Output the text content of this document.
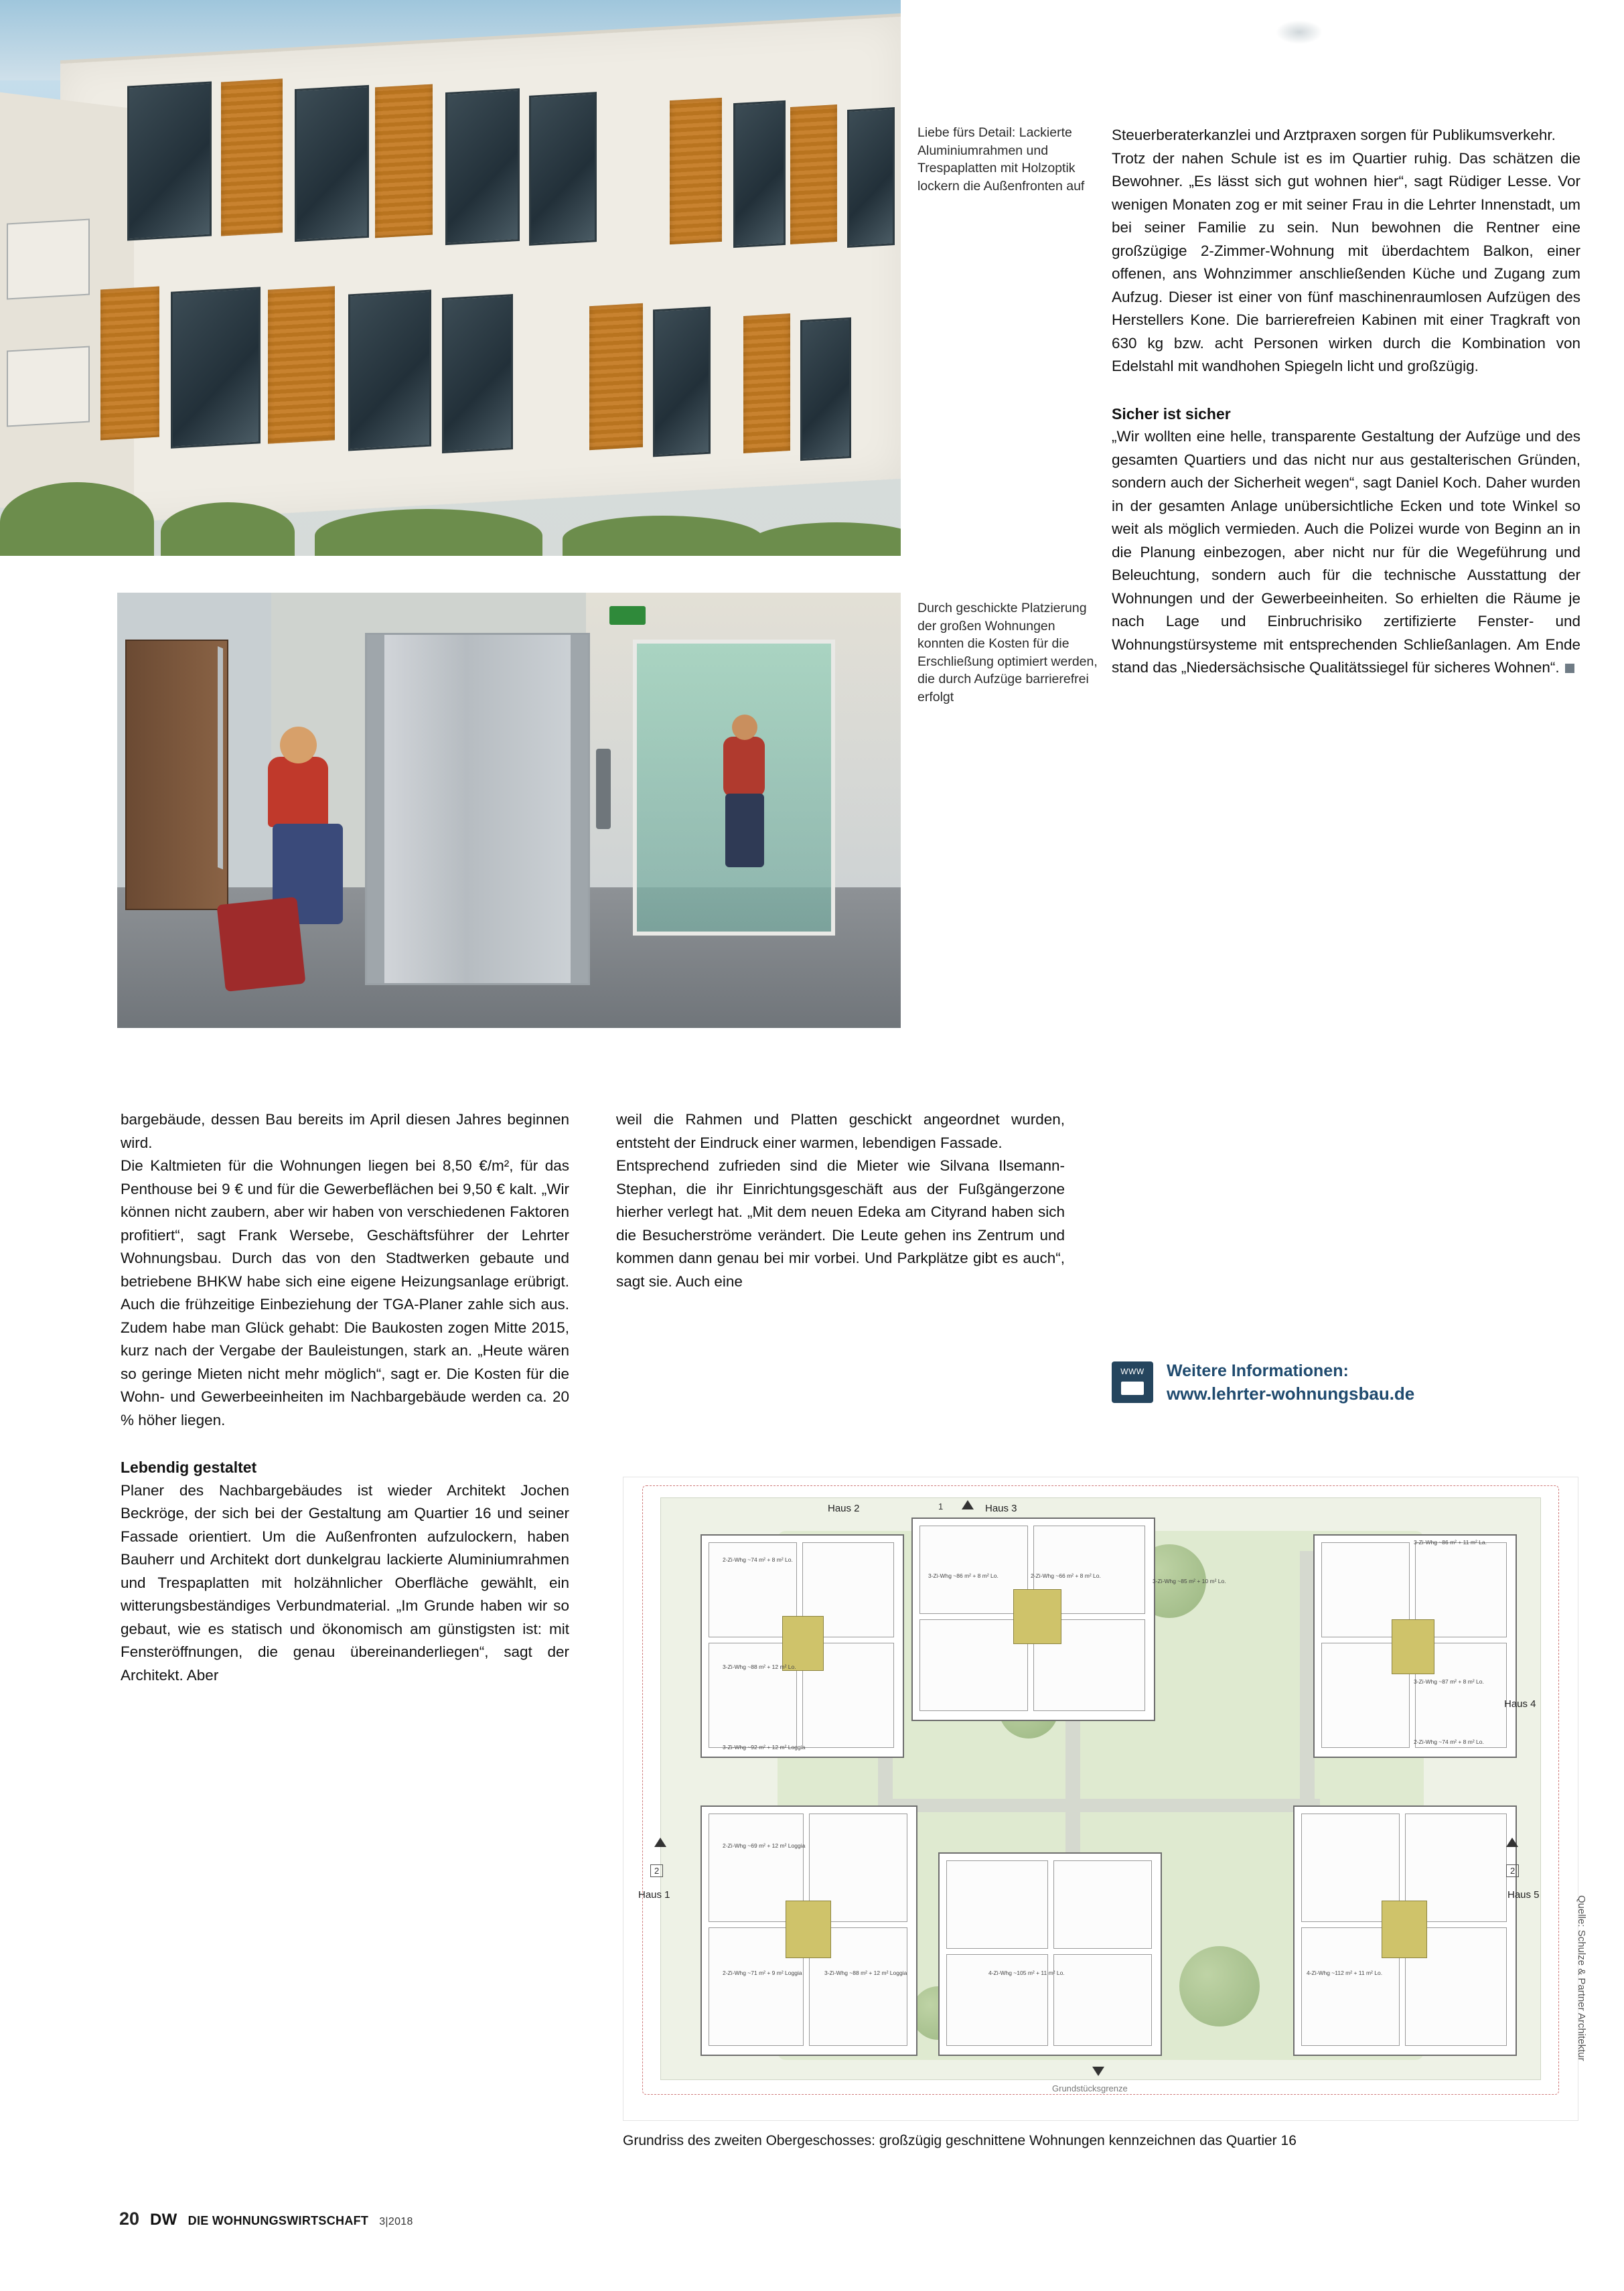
Liebe fürs Detail: Lackierte Aluminiumrahmen und Trespaplatten mit Holzoptik lockern die Außenfronten auf
Durch geschickte Platzierung der großen Wohnungen konnten die Kosten für die Erschließung optimiert werden, die durch Aufzüge barrierefrei erfolgt

bargebäude, dessen Bau bereits im April diesen Jahres beginnen wird.

Die Kaltmieten für die Wohnungen liegen bei 8,50 €/m², für das Penthouse bei 9 € und für die Gewerbeflächen bei 9,50 € kalt. „Wir können nicht zaubern, aber wir haben von verschiedenen Faktoren profitiert“, sagt Frank Wersebe, Geschäftsführer der Lehrter Wohnungsbau. Durch das von den Stadtwerken gebaute und betriebene BHKW habe sich eine eigene Heizungsanlage erübrigt. Auch die frühzeitige Einbeziehung der TGA-Planer zahle sich aus. Zudem habe man Glück gehabt: Die Baukosten zogen Mitte 2015, kurz nach der Vergabe der Bauleistungen, stark an. „Heute wären so geringe Mieten nicht mehr möglich“, sagt er. Die Kosten für die Wohn- und Gewerbeeinheiten im Nachbargebäude werden ca. 20 % höher liegen.

Lebendig gestaltet

Planer des Nachbargebäudes ist wieder Architekt Jochen Beckröge, der sich bei der Gestaltung am Quartier 16 und seiner Fassade orientiert. Um die Außenfronten aufzulockern, haben Bauherr und Architekt dort dunkelgrau lackierte Aluminiumrahmen und Trespaplatten mit holzähnlicher Oberfläche gewählt, ein witterungsbeständiges Verbundmaterial. „Im Grunde haben wir so gebaut, wie es statisch und ökonomisch am günstigsten ist: mit Fensteröffnungen, die genau übereinanderliegen“, sagt der Architekt. Aber

weil die Rahmen und Platten geschickt angeordnet wurden, entsteht der Eindruck einer warmen, lebendigen Fassade.

Entsprechend zufrieden sind die Mieter wie Silvana Ilsemann-Stephan, die ihr Einrichtungsgeschäft aus der Fußgängerzone hierher verlegt hat. „Mit dem neuen Edeka am Cityrand haben sich die Besucherströme verändert. Die Leute gehen ins Zentrum und kommen dann genau bei mir vorbei. Und Parkplätze gibt es auch“, sagt sie. Auch eine

Steuerberaterkanzlei und Arztpraxen sorgen für Publikumsverkehr.

Trotz der nahen Schule ist es im Quartier ruhig. Das schätzen die Bewohner. „Es lässt sich gut wohnen hier“, sagt Rüdiger Lesse. Vor wenigen Monaten zog er mit seiner Frau in die Lehrter Innenstadt, um bei seiner Familie zu sein. Nun bewohnen die Rentner eine großzügige 2-Zimmer-Wohnung mit überdachtem Balkon, einer offenen, ans Wohnzimmer anschließenden Küche und Zugang zum Aufzug. Dieser ist einer von fünf maschinenraumlosen Aufzügen des Herstellers Kone. Die barrierefreien Kabinen mit einer Tragkraft von 630 kg bzw. acht Personen wirken durch die Kombination von Edelstahl mit wandhohen Spiegeln licht und großzügig.

Sicher ist sicher

„Wir wollten eine helle, transparente Gestaltung der Aufzüge und des gesamten Quartiers und das nicht nur aus gestalterischen Gründen, sondern auch der Sicherheit wegen“, sagt Daniel Koch. Daher wurden in der gesamten Anlage unübersichtliche Ecken und tote Winkel so weit als möglich vermieden. Auch die Polizei wurde von Beginn an in die Planung einbezogen, aber nicht nur für die Wegeführung und Beleuchtung, sondern auch für die technische Ausstattung der Wohnungen und der Gewerbeeinheiten. So erhielten die Räume je nach Lage und Einbruchrisiko zertifizierte Fenster- und Wohnungstürsysteme mit entsprechenden Schließanlagen. Am Ende stand das „Niedersächsische Qualitätssiegel für sicheres Wohnen“.

WWW
Weitere Informationen:
www.lehrter-wohnungsbau.de
Haus 2	Haus 3
Haus 4
Haus 1	Haus 5
2-Zi-Whg ~74 m² + 8 m² Lo.
3-Zi-Whg ~88 m² + 12 m² Lo.
3-Zi-Whg ~86 m² + 8 m² Lo.	2-Zi-Whg ~66 m² + 8 m² Lo.
3-Zi-Whg ~85 m² + 10 m² Lo.
3-Zi-Whg ~86 m² + 11 m² La.
3-Zi-Whg ~87 m² + 8 m² Lo.
2-Zi-Whg ~74 m² + 8 m² Lo.
3-Zi-Whg ~92 m² + 12 m² Loggia
2-Zi-Whg ~69 m² + 12 m² Loggia
2-Zi-Whg ~71 m² + 9 m² Loggia	3-Zi-Whg ~88 m² + 12 m² Loggia	4-Zi-Whg ~105 m² + 11 m² Lo.	4-Zi-Whg ~112 m² + 11 m² Lo.
2	2
1
Grundstücksgrenze
Grundriss des zweiten Obergeschosses: großzügig geschnittene Wohnungen kennzeichnen das Quartier 16
Quelle: Schulze & Partner Architektur
20 DW DIE WOHNUNGSWIRTSCHAFT 3|2018
